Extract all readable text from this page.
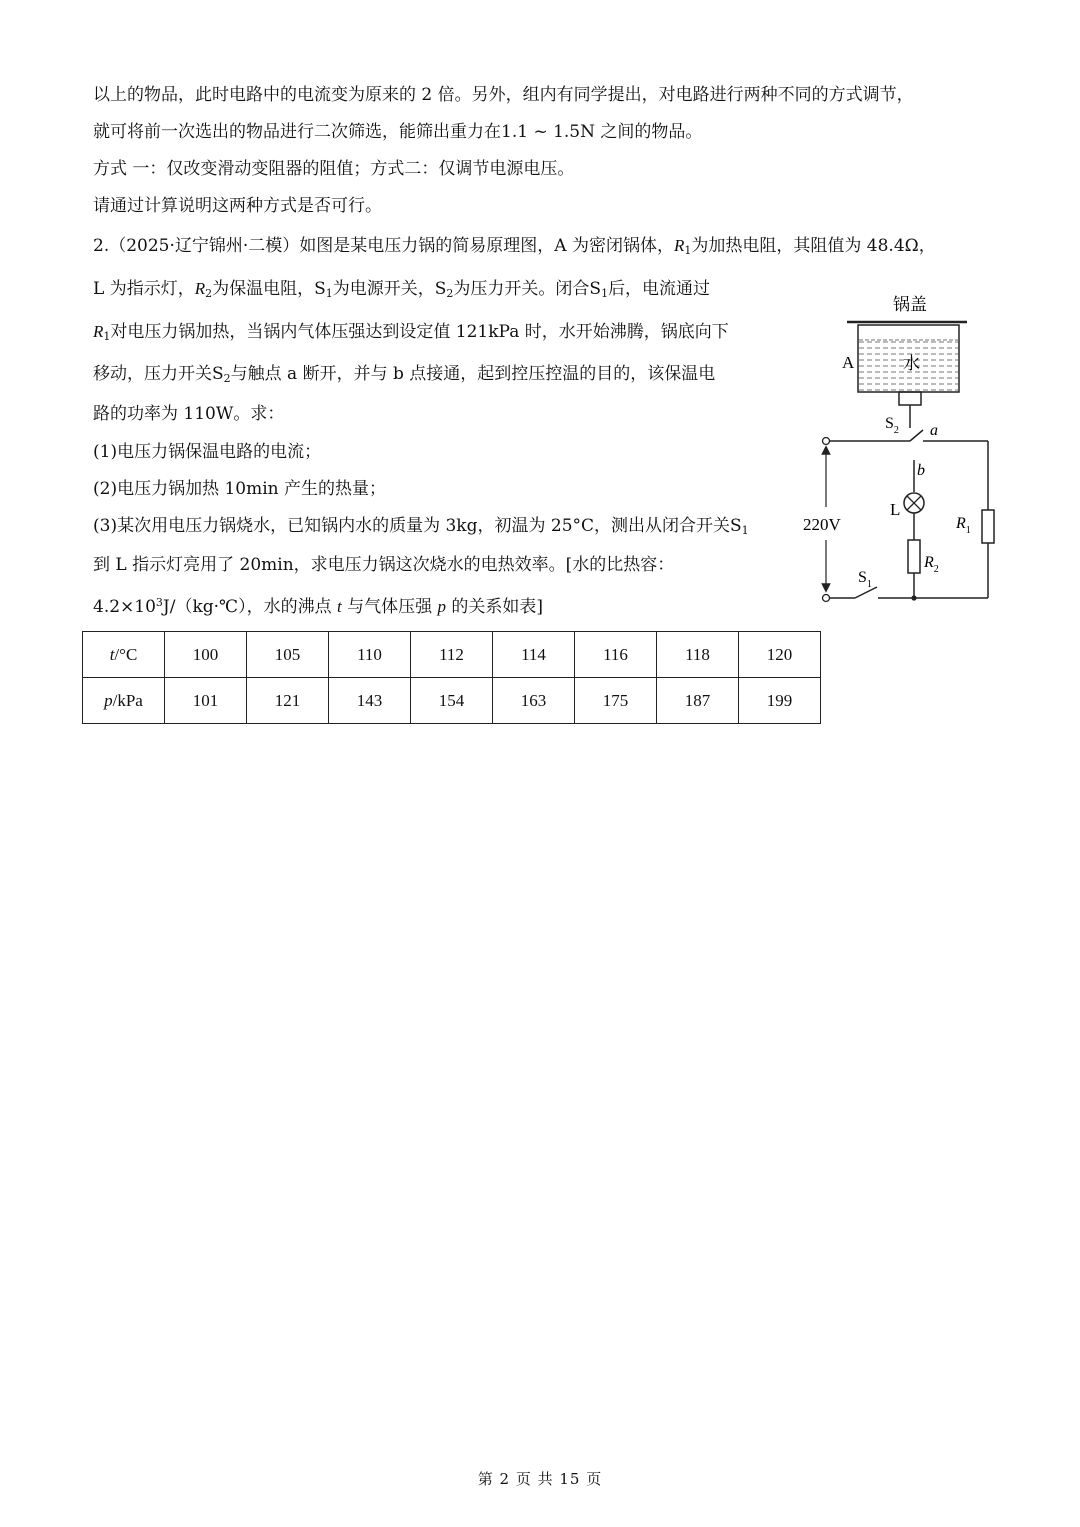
以上的物品，此时电路中的电流变为原来的 2 倍。另外，组内有同学提出，对电路进行两种不同的方式调节，
就可将前一次选出的物品进行二次筛选，能筛出重力在1.1 ~ 1.5N 之间的物品。
方式 一：仅改变滑动变阻器的阻值；方式二：仅调节电源电压。
请通过计算说明这两种方式是否可行。
2.（2025·辽宁锦州·二模）如图是某电压力锅的简易原理图，A 为密闭锅体，$R_1$为加热电阻，其阻值为 48.4Ω，
L 为指示灯，$R_2$为保温电阻，$S_1$为电源开关，$S_2$为压力开关。闭合$S_1$后，电流通过
$R_1$对电压力锅加热，当锅内气体压强达到设定值 121kPa 时，水开始沸腾，锅底向下
移动，压力开关$S_2$与触点 a 断开，并与 b 点接通，起到控压控温的目的，该保温电
路的功率为 110W。求：
(1)电压力锅保温电路的电流；
(2)电压力锅加热 10min 产生的热量；
(3)某次用电压力锅烧水，已知锅内水的质量为 3kg，初温为 25°C，测出从闭合开关$S_1$
到 L 指示灯亮用了 20min，求电压力锅这次烧水的电热效率。[水的比热容：
$4.2\times 10^3J/(kg\cdot℃)$，水的沸点 t 与气体压强 p 的关系如表]
锅盖
A	水
$S_2$ a
b
L
$R_2$
$R_1$
$S_1$
220V
t/°C	100	105	110	112	114	116	118	120
p/kPa	101	121	143	154	163	175	187	199
第 2 页 共 15 页
